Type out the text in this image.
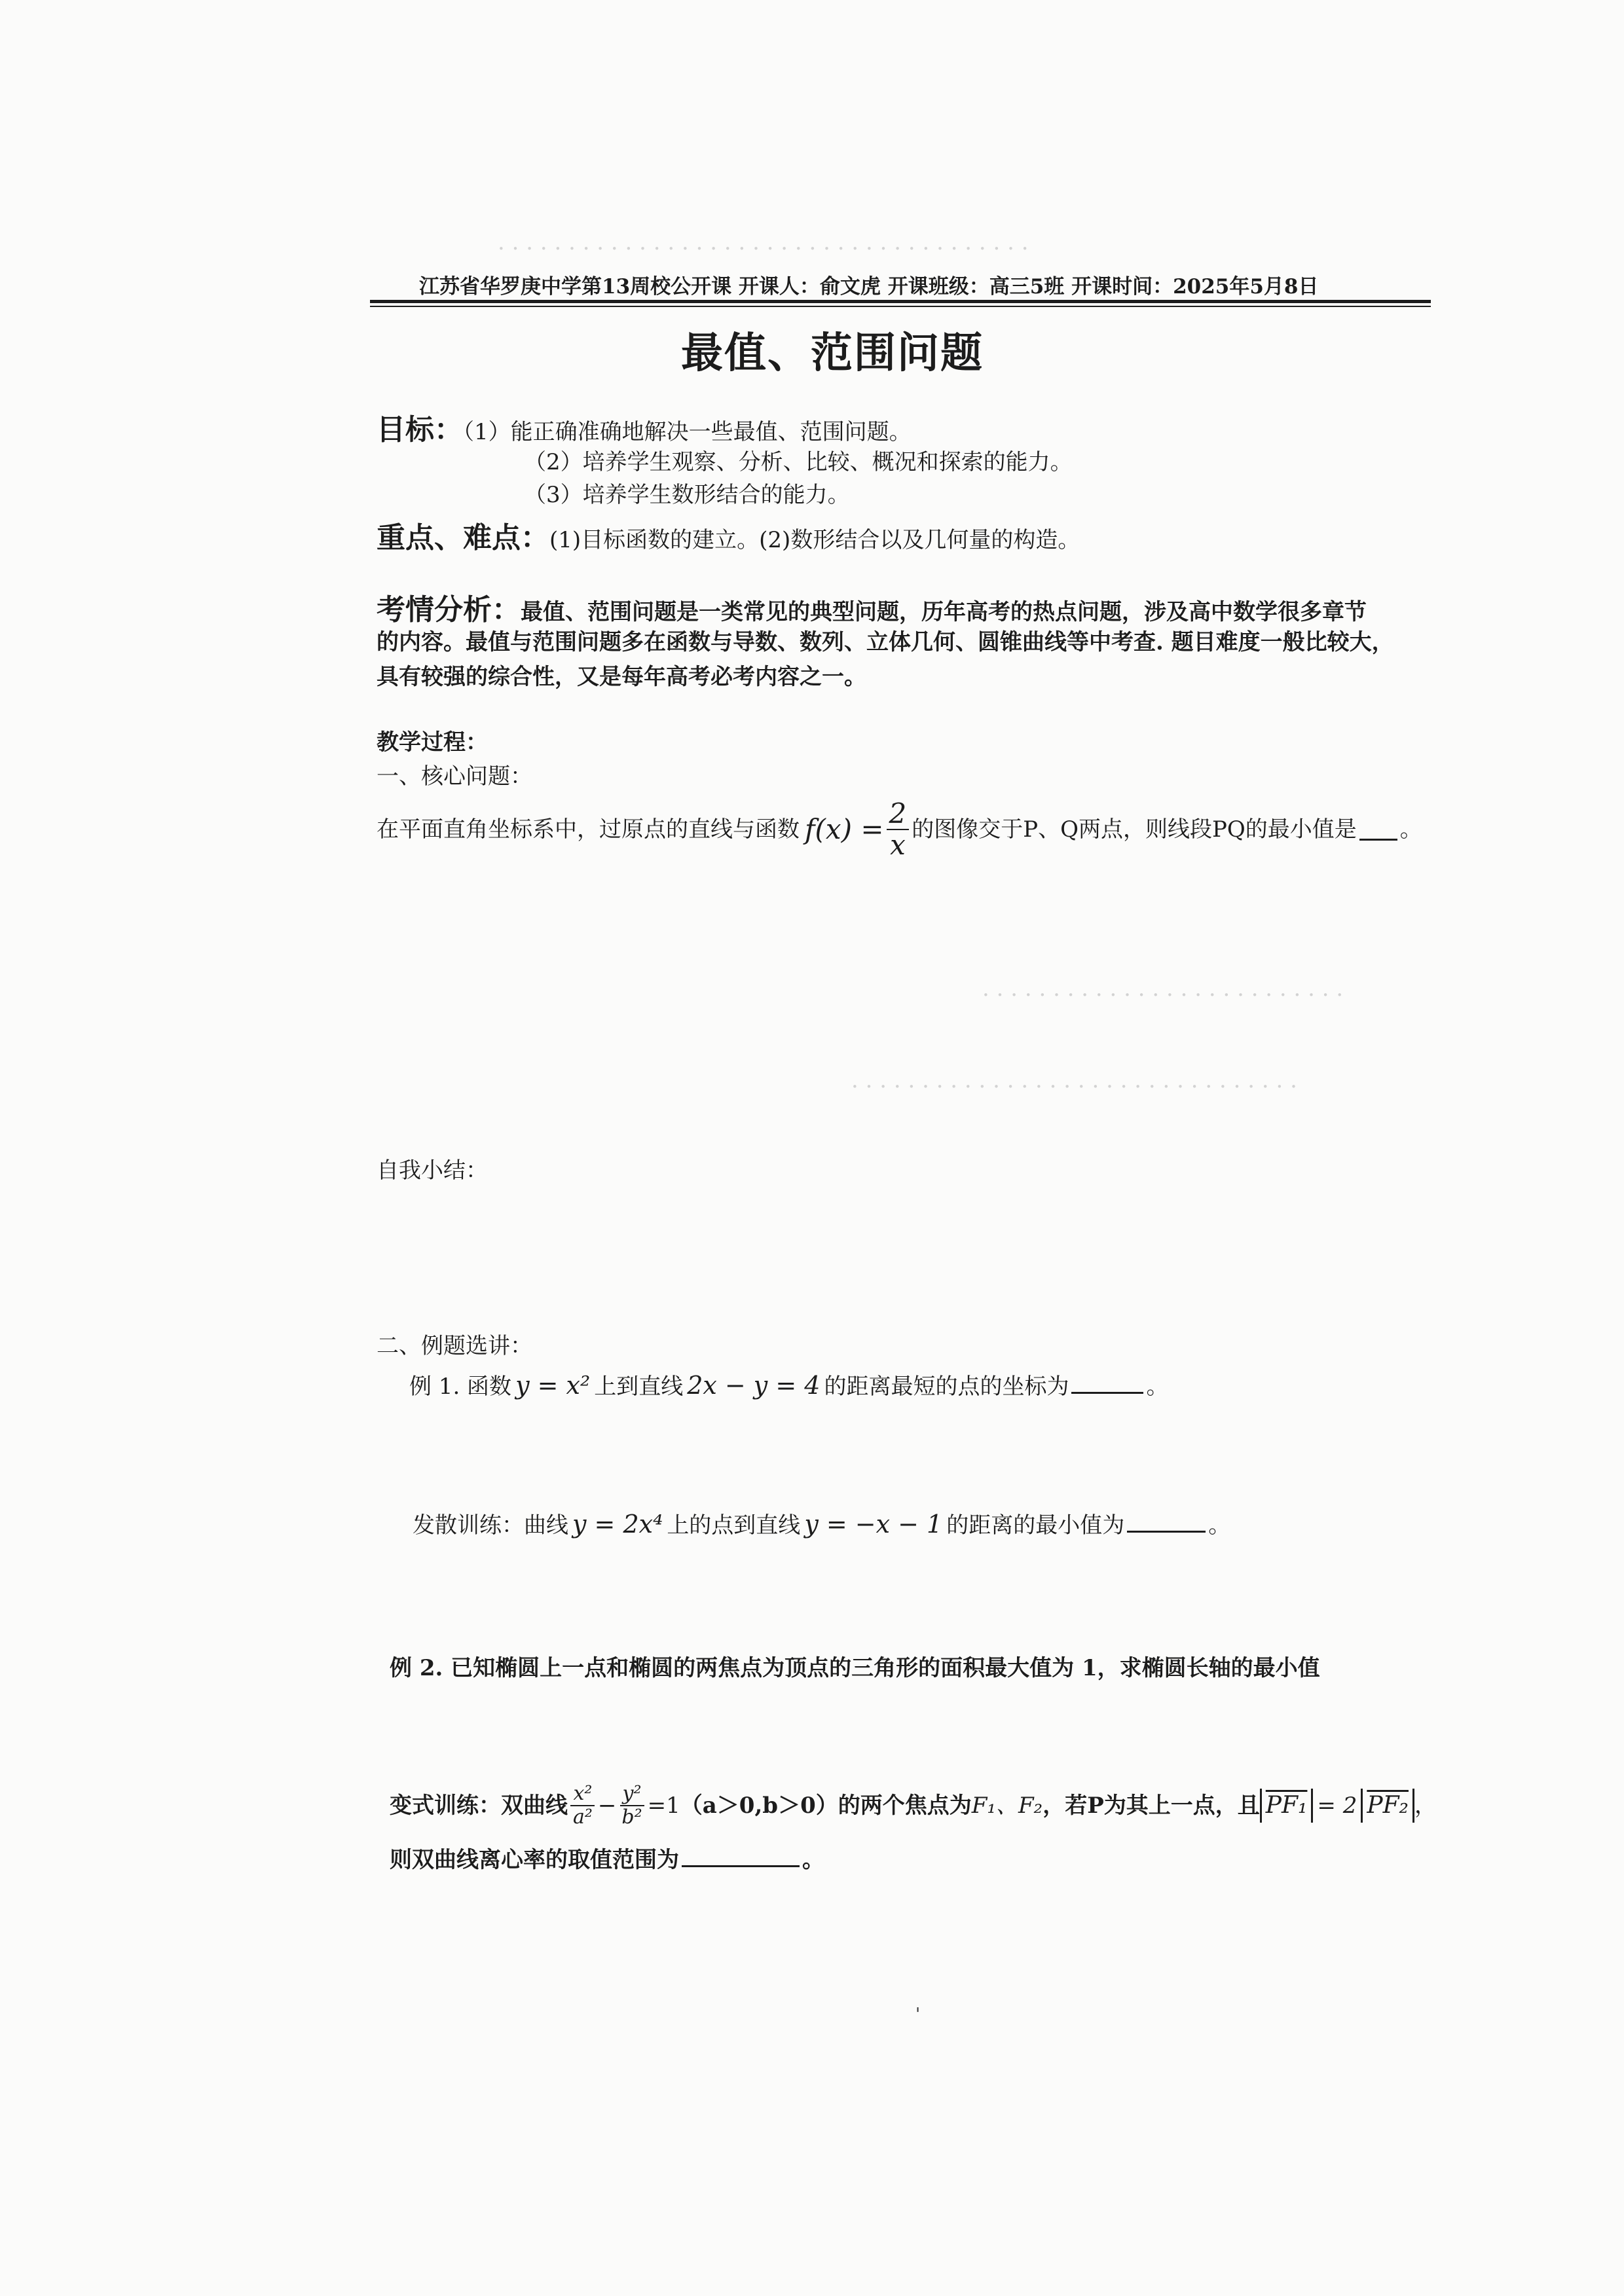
· · · · · · · · · · · · · · · · · · · · · · · · · · · · · · · · · · · · · ·
· · · · · · · · · · · · · · · · · · · · · · · · · ·
· · · · · · · · · · · · · · · · · · · · · · · · · · · · · · · ·
江苏省华罗庚中学第13周校公开课 开课人：俞文虎 开课班级：高三5班 开课时间：2025年5月8日
最值、范围问题
目标：（1）能正确准确地解决一些最值、范围问题。
（2）培养学生观察、分析、比较、概况和探索的能力。
（3）培养学生数形结合的能力。
重点、难点：(1)目标函数的建立。(2)数形结合以及几何量的构造。
考情分析：最值、范围问题是一类常见的典型问题，历年高考的热点问题，涉及高中数学很多章节
的内容。最值与范围问题多在函数与导数、数列、立体几何、圆锥曲线等中考查. 题目难度一般比较大，
具有较强的综合性，又是每年高考必考内容之一。
教学过程：
一、核心问题：
在平面直角坐标系中，过原点的直线与函数 $f(x) = \frac{2}{x}$ 的图像交于P、Q两点，则线段PQ的最小值是 。
自我小结：
二、例题选讲：
例 1. 函数 y = x² 上到直线 2x − y = 4 的距离最短的点的坐标为	。
发散训练：曲线 y = 2x⁴ 上的点到直线 y = −x − 1 的距离的最小值为	。
例 2. 已知椭圆上一点和椭圆的两焦点为顶点的三角形的面积最大值为 1，求椭圆长轴的最小值
变式训练：双曲线 $\frac{\text{x²}}{\text{a²}} - \frac{\text{y²}}{\text{b²}} =1$ （a＞0,b＞0）的两个焦点为 F₁、F₂ ，若P为其上一点，且 PF₁ = 2 PF₂ ，
则双曲线离心率的取值范围为	。
'
